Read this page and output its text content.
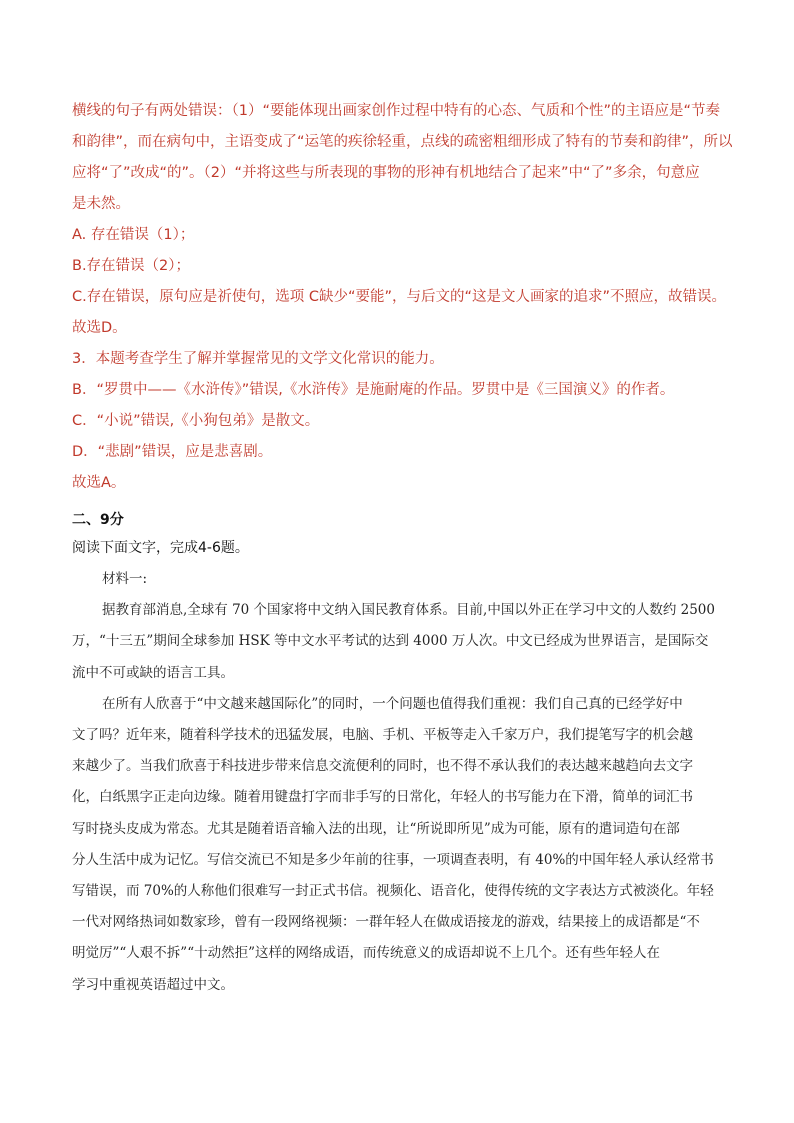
横线的句子有两处错误：（1）“要能体现出画家创作过程中特有的心态、气质和个性”的主语应是“节奏

和韵律”，而在病句中，主语变成了“运笔的疾徐轻重，点线的疏密粗细形成了特有的节奏和韵律”，所以

应将“了”改成“的”。（2）“并将这些与所表现的事物的形神有机地结合了起来”中“了”多余，句意应

是未然。

A. 存在错误（1）；

B.存在错误（2）；

C.存在错误，原句应是祈使句，选项 C缺少“要能”，与后文的“这是文人画家的追求”不照应，故错误。

故选D。

3．本题考查学生了解并掌握常见的文学文化常识的能力。

B．“罗贯中——《水浒传》”错误,《水浒传》是施耐庵的作品。罗贯中是《三国演义》的作者。

C．“小说”错误,《小狗包弟》是散文。

D．“悲剧”错误，应是悲喜剧。

故选A。

二、9分
阅读下面文字，完成4-6题。

材料一:

据教育部消息,全球有 70 个国家将中文纳入国民教育体系。目前,中国以外正在学习中文的人数约 2500

万，“十三五”期间全球参加 HSK 等中文水平考试的达到 4000 万人次。中文已经成为世界语言，是国际交

流中不可或缺的语言工具。

在所有人欣喜于“中文越来越国际化”的同时，一个问题也值得我们重视：我们自己真的已经学好中

文了吗？近年来，随着科学技术的迅猛发展，电脑、手机、平板等走入千家万户，我们提笔写字的机会越

来越少了。当我们欣喜于科技进步带来信息交流便利的同时，也不得不承认我们的表达越来越趋向去文字

化，白纸黑字正走向边缘。随着用键盘打字而非手写的日常化，年轻人的书写能力在下滑，简单的词汇书

写时挠头皮成为常态。尤其是随着语音输入法的出现，让“所说即所见”成为可能，原有的遣词造句在部

分人生活中成为记忆。写信交流已不知是多少年前的往事，一项调查表明，有 40%的中国年轻人承认经常书

写错误，而 70%的人称他们很难写一封正式书信。视频化、语音化，使得传统的文字表达方式被淡化。年轻

一代对网络热词如数家珍，曾有一段网络视频：一群年轻人在做成语接龙的游戏，结果接上的成语都是“不

明觉厉”“人艰不拆”“十动然拒”这样的网络成语，而传统意义的成语却说不上几个。还有些年轻人在

学习中重视英语超过中文。
